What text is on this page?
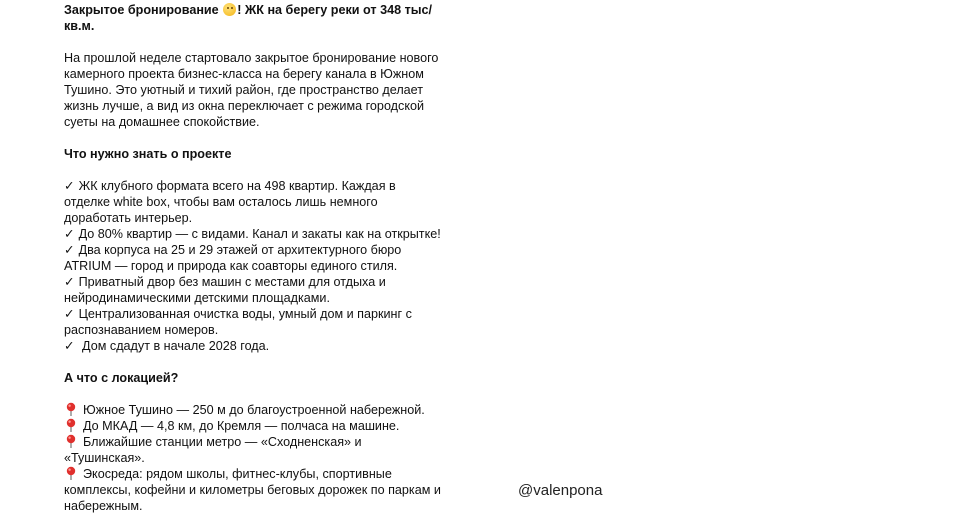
Закрытое бронирование ! ЖК на берегу реки от 348 тыс/
кв.м.
На прошлой неделе стартовало закрытое бронирование нового
камерного проекта бизнес-класса на берегу канала в Южном
Тушино. Это уютный и тихий район, где пространство делает
жизнь лучше, а вид из окна переключает с режима городской
суеты на домашнее спокойствие.
Что нужно знать о проекте
✓ ЖК клубного формата всего на 498 квартир. Каждая в
отделке white box, чтобы вам осталось лишь немного
доработать интерьер.
✓ До 80% квартир — с видами. Канал и закаты как на открытке!
✓ Два корпуса на 25 и 29 этажей от архитектурного бюро
ATRIUM — город и природа как соавторы единого стиля.
✓ Приватный двор без машин с местами для отдыха и
нейродинамическими детскими площадками.
✓ Централизованная очистка воды, умный дом и паркинг с
распознаванием номеров.
✓ Дом сдадут в начале 2028 года.
А что с локацией?
Южное Тушино — 250 м до благоустроенной набережной.
До МКАД — 4,8 км, до Кремля — полчаса на машине.
Ближайшие станции метро — «Сходненская» и
«Тушинская».
Экосреда: рядом школы, фитнес-клубы, спортивные
комплексы, кофейни и километры беговых дорожек по паркам и
набережным.
@valenpona
